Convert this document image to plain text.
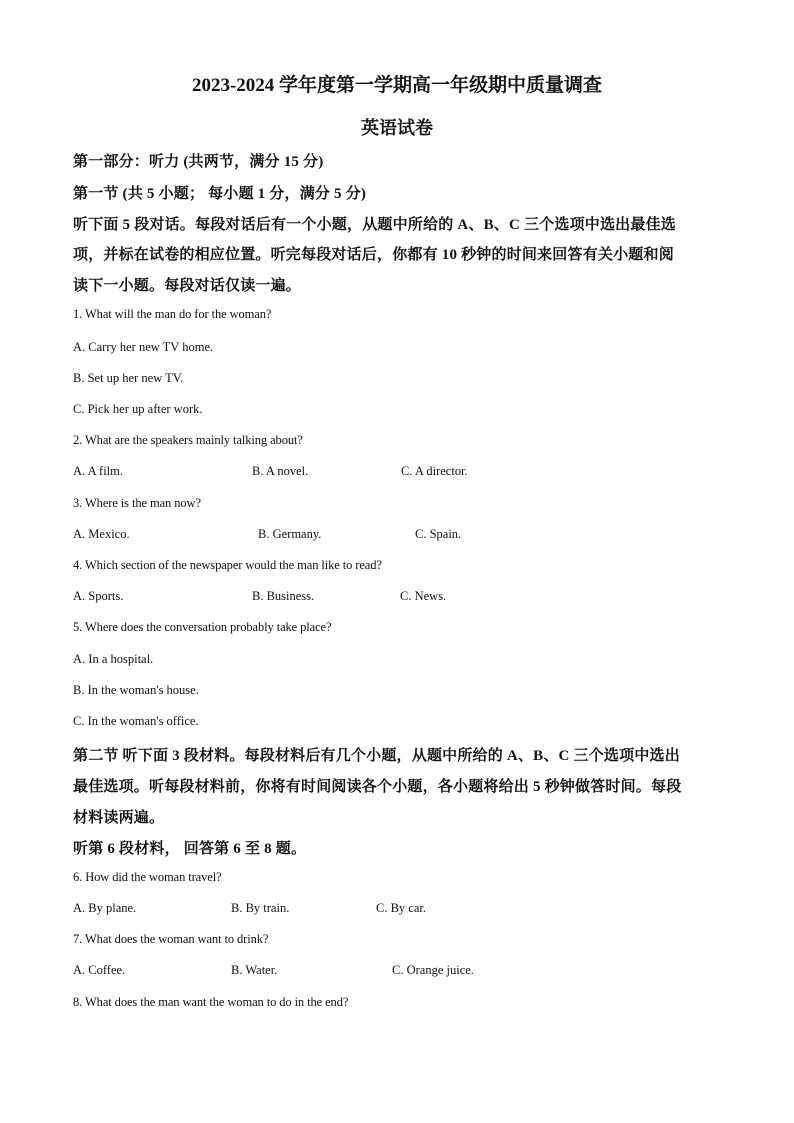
2023-2024 学年度第一学期高一年级期中质量调查
英语试卷
第一部分：听力 (共两节，满分 15 分)
第一节 (共 5 小题； 每小题 1 分，满分 5 分)
听下面 5 段对话。每段对话后有一个小题，从题中所给的 A、B、C 三个选项中选出最佳选
项，并标在试卷的相应位置。听完每段对话后，你都有 10 秒钟的时间来回答有关小题和阅
读下一小题。每段对话仅读一遍。
1. What will the man do for the woman?
A. Carry her new TV home.
B. Set up her new TV.
C. Pick her up after work.
2. What are the speakers mainly talking about?
A. A film.	B. A novel.	C. A director.
3. Where is the man now?
A. Mexico.	B. Germany.	C. Spain.
4. Which section of the newspaper would the man like to read?
A. Sports.	B. Business.	C. News.
5. Where does the conversation probably take place?
A. In a hospital.
B. In the woman's house.
C. In the woman's office.
第二节 听下面 3 段材料。每段材料后有几个小题，从题中所给的 A、B、C 三个选项中选出
最佳选项。听每段材料前，你将有时间阅读各个小题，各小题将给出 5 秒钟做答时间。每段
材料读两遍。
听第 6 段材料， 回答第 6 至 8 题。
6. How did the woman travel?
A. By plane.	B. By train.	C. By car.
7. What does the woman want to drink?
A. Coffee.	B. Water.	C. Orange juice.
8. What does the man want the woman to do in the end?
